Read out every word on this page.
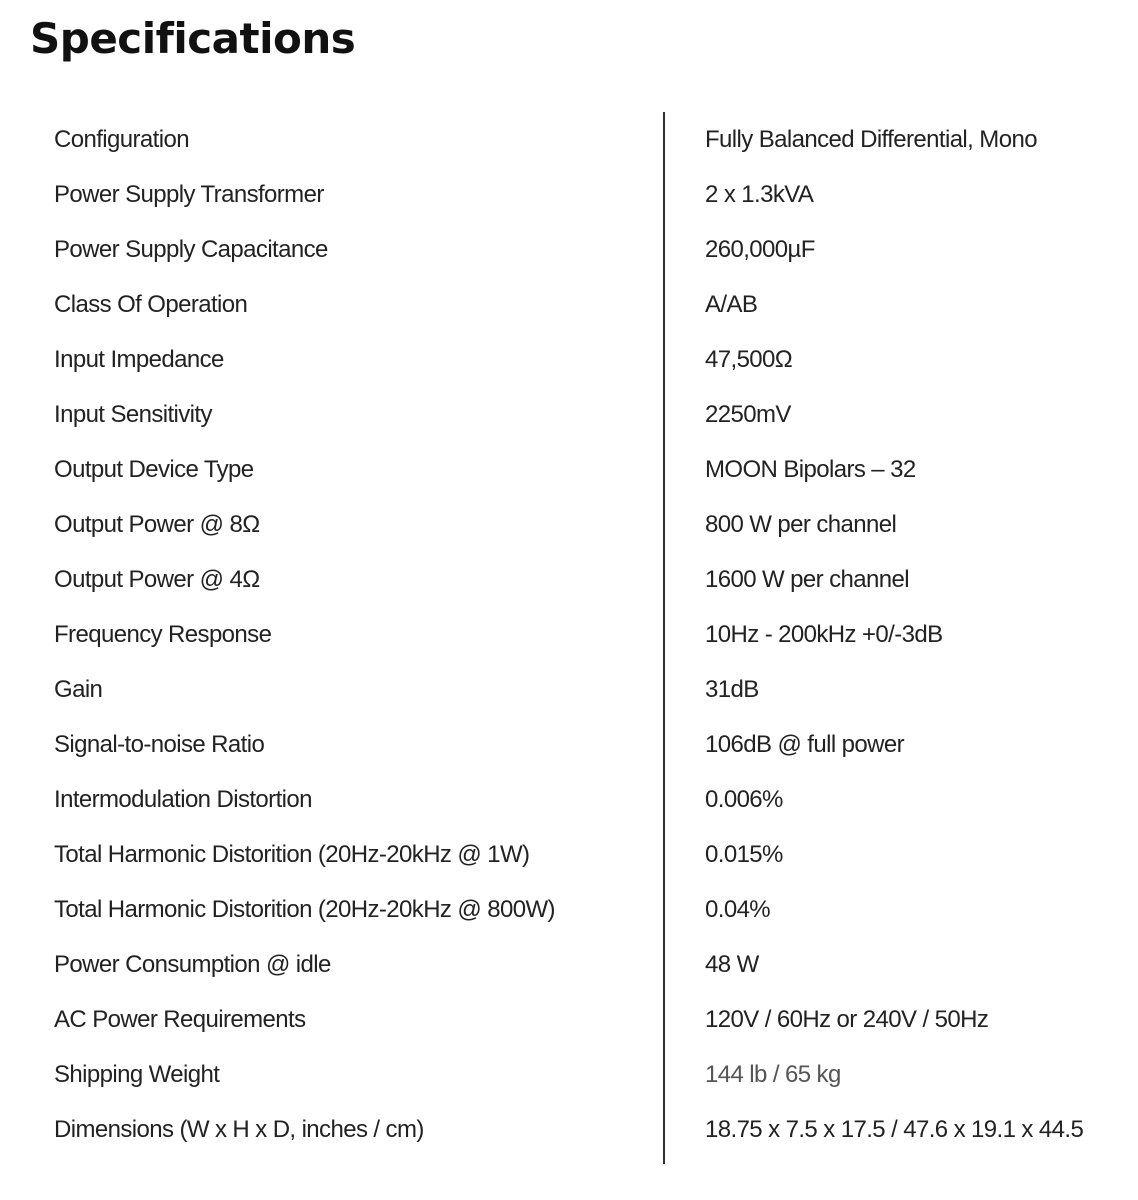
Specifications
Configuration	Fully Balanced Differential, Mono
Power Supply Transformer	2 x 1.3kVA
Power Supply Capacitance	260,000µF
Class Of Operation	A/AB
Input Impedance	47,500Ω
Input Sensitivity	2250mV
Output Device Type	MOON Bipolars – 32
Output Power @ 8Ω	800 W per channel
Output Power @ 4Ω	1600 W per channel
Frequency Response	10Hz - 200kHz +0/-3dB
Gain	31dB
Signal-to-noise Ratio	106dB @ full power
Intermodulation Distortion	0.006%
Total Harmonic Distorition (20Hz-20kHz @ 1W)	0.015%
Total Harmonic Distorition (20Hz-20kHz @ 800W)	0.04%
Power Consumption @ idle	48 W
AC Power Requirements	120V / 60Hz or 240V / 50Hz
Shipping Weight	144 lb / 65 kg
Dimensions (W x H x D, inches / cm)	18.75 x 7.5 x 17.5 / 47.6 x 19.1 x 44.5
